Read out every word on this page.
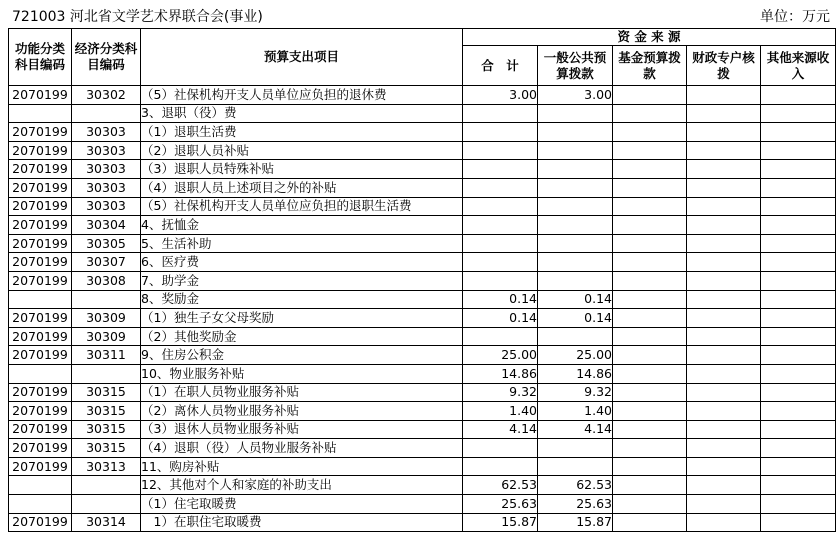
721003 河北省文学艺术界联合会(事业)	单位：万元
功能分类科目编码	经济分类科目编码	预算支出项目	资 金 来 源				
			合　计	一般公共预算拨款	基金预算拨款	财政专户核拨	其他来源收入
2070199	30302	（5）社保机构开支人员单位应负担的退休费	3.00	3.00			
		3、退职（役）费					
2070199	30303	（1）退职生活费					
2070199	30303	（2）退职人员补贴					
2070199	30303	（3）退职人员特殊补贴					
2070199	30303	（4）退职人员上述项目之外的补贴					
2070199	30303	（5）社保机构开支人员单位应负担的退职生活费					
2070199	30304	4、抚恤金					
2070199	30305	5、生活补助					
2070199	30307	6、医疗费					
2070199	30308	7、助学金					
		8、奖励金	0.14	0.14			
2070199	30309	（1）独生子女父母奖励	0.14	0.14			
2070199	30309	（2）其他奖励金					
2070199	30311	9、住房公积金	25.00	25.00			
		10、物业服务补贴	14.86	14.86			
2070199	30315	（1）在职人员物业服务补贴	9.32	9.32			
2070199	30315	（2）离休人员物业服务补贴	1.40	1.40			
2070199	30315	（3）退休人员物业服务补贴	4.14	4.14			
2070199	30315	（4）退职（役）人员物业服务补贴					
2070199	30313	11、购房补贴					
		12、其他对个人和家庭的补助支出	62.53	62.53			
		（1）住宅取暖费	25.63	25.63			
2070199	30314	　1）在职住宅取暖费	15.87	15.87			
